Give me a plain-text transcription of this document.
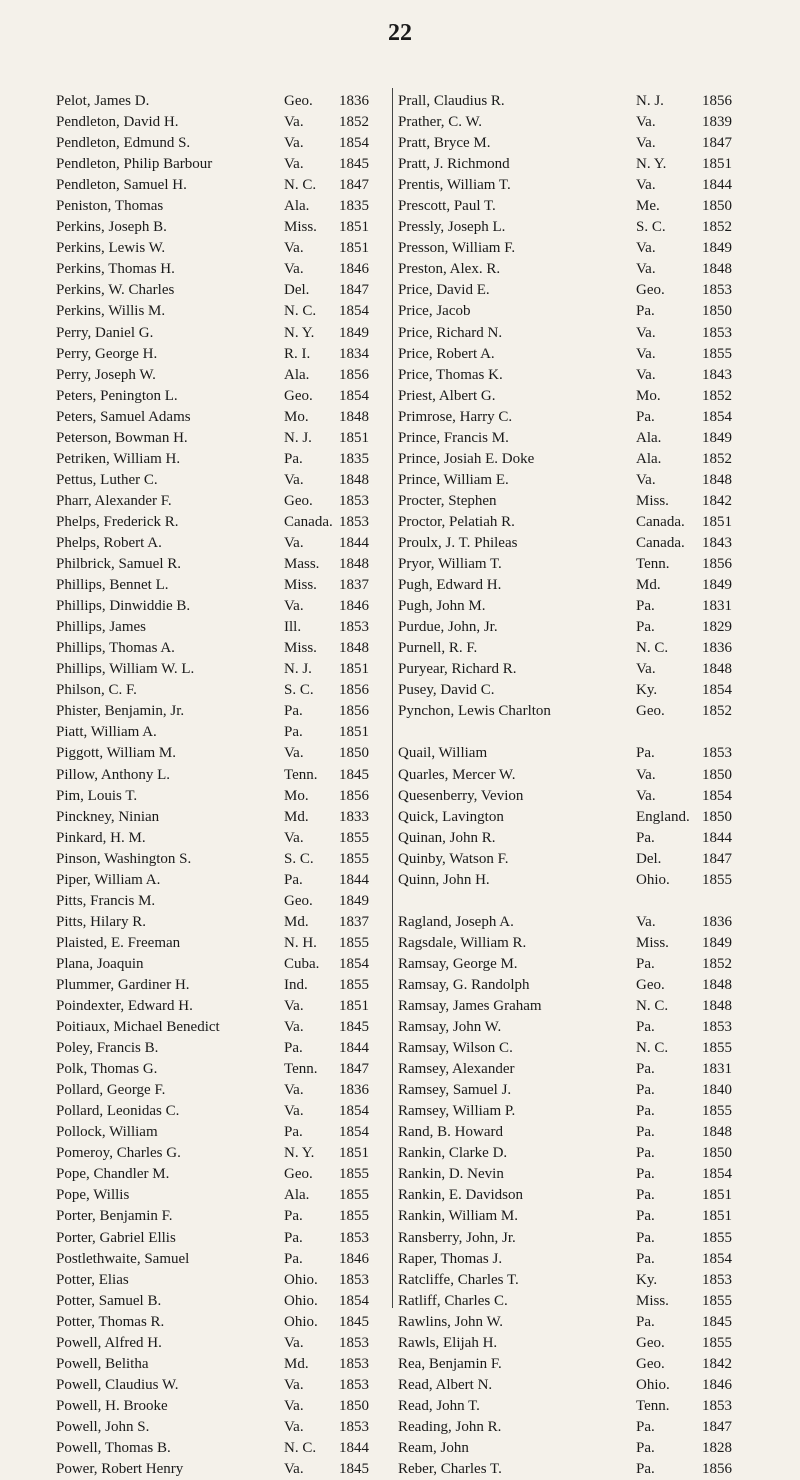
22
Pelot, James D.	Geo. 1836
Pendleton, David H.	Va. 1852
Pendleton, Edmund S.	Va. 1854
Pendleton, Philip Barbour	Va. 1845
Pendleton, Samuel H.	N. C. 1847
Peniston, Thomas	Ala. 1835
Perkins, Joseph B.	Miss. 1851
Perkins, Lewis W.	Va. 1851
Perkins, Thomas H.	Va. 1846
Perkins, W. Charles	Del. 1847
Perkins, Willis M.	N. C. 1854
Perry, Daniel G.	N. Y. 1849
Perry, George H.	R. I. 1834
Perry, Joseph W.	Ala. 1856
Peters, Penington L.	Geo. 1854
Peters, Samuel Adams	Mo. 1848
Peterson, Bowman H.	N. J. 1851
Petriken, William H.	Pa. 1835
Pettus, Luther C.	Va. 1848
Pharr, Alexander F.	Geo. 1853
Phelps, Frederick R.	Canada. 1853
Phelps, Robert A.	Va. 1844
Philbrick, Samuel R.	Mass. 1848
Phillips, Bennet L.	Miss. 1837
Phillips, Dinwiddie B.	Va. 1846
Phillips, James	Ill.	1853
Phillips, Thomas A.	Miss. 1848
Phillips, William W. L.	N. J. 1851
Philson, C. F.	S. C. 1856
Phister, Benjamin, Jr.	Pa. 1856
Piatt, William A.	Pa. 1851
Piggott, William M.	Va. 1850
Pillow, Anthony L.	Tenn. 1845
Pim, Louis T.	Mo. 1856
Pinckney, Ninian	Md. 1833
Pinkard, H. M.	Va. 1855
Pinson, Washington S.	S. C. 1855
Piper, William A.	Pa. 1844
Pitts, Francis M.	Geo. 1849
Pitts, Hilary R.	Md. 1837
Plaisted, E. Freeman	N. H. 1855
Plana, Joaquin	Cuba. 1854
Plummer, Gardiner H.	Ind. 1855
Poindexter, Edward H.	Va. 1851
Poitiaux, Michael Benedict	Va. 1845
Poley, Francis B.	Pa. 1844
Polk, Thomas G.	Tenn. 1847
Pollard, George F.	Va. 1836
Pollard, Leonidas C.	Va. 1854
Pollock, William	Pa. 1854
Pomeroy, Charles G.	N. Y. 1851
Pope, Chandler M.	Geo. 1855
Pope, Willis	Ala. 1855
Porter, Benjamin F.	Pa. 1855
Porter, Gabriel Ellis	Pa. 1853
Postlethwaite, Samuel	Pa. 1846
Potter, Elias	Ohio. 1853
Potter, Samuel B.	Ohio. 1854
Potter, Thomas R.	Ohio. 1845
Powell, Alfred H.	Va. 1853
Powell, Belitha	Md. 1853
Powell, Claudius W.	Va. 1853
Powell, H. Brooke	Va. 1850
Powell, John S.	Va. 1853
Powell, Thomas B.	N. C. 1844
Power, Robert Henry	Va. 1845
Prall, Claudius R.	N. J.	1856
Prather, C. W.	Va.	1839
Pratt, Bryce M.	Va.	1847
Pratt, J. Richmond	N. Y. 1851
Prentis, William T.	Va.	1844
Prescott, Paul T.	Me.	1850
Pressly, Joseph L.	S. C. 1852
Presson, William F.	Va.	1849
Preston, Alex. R.	Va.	1848
Price, David E.	Geo. 1853
Price, Jacob	Pa.	1850
Price, Richard N.	Va.	1853
Price, Robert A.	Va.	1855
Price, Thomas K.	Va.	1843
Priest, Albert G.	Mo.	1852
Primrose, Harry C.	Pa.	1854
Prince, Francis M.	Ala.	1849
Prince, Josiah E. Doke	Ala.	1852
Prince, William E.	Va.	1848
Procter, Stephen	Miss. 1842
Proctor, Pelatiah R.	Canada. 1851
Proulx, J. T. Phileas	Canada. 1843
Pryor, William T.	Tenn. 1856
Pugh, Edward H.	Md.	1849
Pugh, John M.	Pa.	1831
Purdue, John, Jr.	Pa.	1829
Purnell, R. F.	N. C. 1836
Puryear, Richard R.	Va.	1848
Pusey, David C.	Ky.	1854
Pynchon, Lewis Charlton	Geo. 1852
Quail, William	Pa.	1853
Quarles, Mercer W.	Va.	1850
Quesenberry, Vevion	Va.	1854
Quick, Lavington	England. 1850
Quinan, John R.	Pa.	1844
Quinby, Watson F.	Del.	1847
Quinn, John H.	Ohio. 1855
Ragland, Joseph A.	Va.	1836
Ragsdale, William R.	Miss. 1849
Ramsay, George M.	Pa.	1852
Ramsay, G. Randolph	Geo. 1848
Ramsay, James Graham	N. C. 1848
Ramsay, John W.	Pa.	1853
Ramsay, Wilson C.	N. C. 1855
Ramsey, Alexander	Pa.	1831
Ramsey, Samuel J.	Pa.	1840
Ramsey, William P.	Pa.	1855
Rand, B. Howard	Pa.	1848
Rankin, Clarke D.	Pa.	1850
Rankin, D. Nevin	Pa.	1854
Rankin, E. Davidson	Pa.	1851
Rankin, William M.	Pa.	1851
Ransberry, John, Jr.	Pa.	1855
Raper, Thomas J.	Pa.	1854
Ratcliffe, Charles T.	Ky.	1853
Ratliff, Charles C.	Miss. 1855
Rawlins, John W.	Pa.	1845
Rawls, Elijah H.	Geo. 1855
Rea, Benjamin F.	Geo. 1842
Read, Albert N.	Ohio. 1846
Read, John T.	Tenn. 1853
Reading, John R.	Pa.	1847
Ream, John	Pa.	1828
Reber, Charles T.	Pa.	1856
